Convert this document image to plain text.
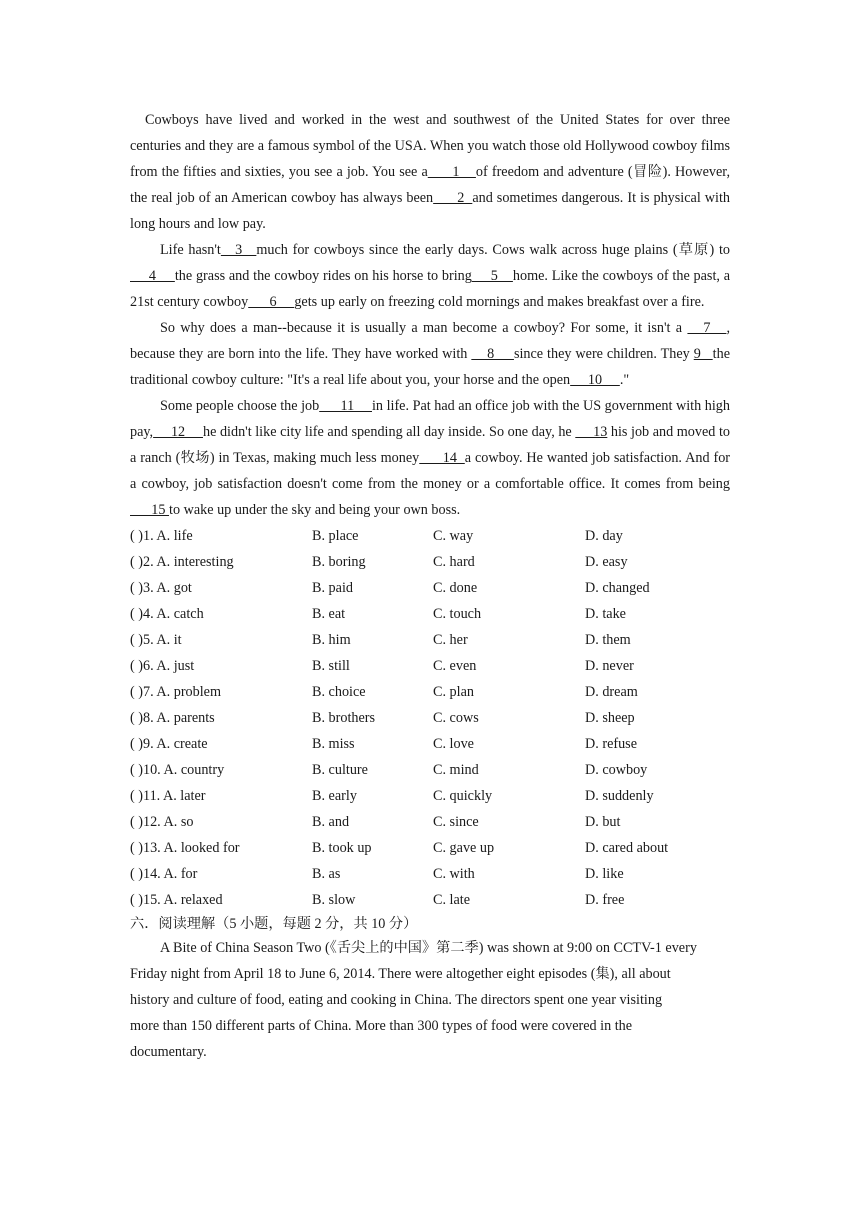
Cowboys have lived and worked in the west and southwest of the United States for over three centuries and they are a famous symbol of the USA. When you watch those old Hollywood cowboy films from the fifties and sixties, you see a job. You see a      1    of freedom and adventure (冒险). However, the real job of an American cowboy has always been      2  and sometimes dangerous. It is physical with long hours and low pay.

Life hasn't   3   much for cowboys since the early days. Cows walk across huge plains (草原) to      4     the grass and the cowboy rides on his horse to bring     5    home. Like the cowboys of the past, a 21st century cowboy      6     gets up early on freezing cold mornings and makes breakfast over a fire.

So why does a man--because it is usually a man become a cowboy? For some, it isn't a    7   , because they are born into the life. They have worked with     8     since they were children. They 9   the traditional cowboy culture: "It's a real life about you, your horse and the open     10     ."

Some people choose the job      11     in life. Pat had an office job with the US government with high pay,     12     he didn't like city life and spending all day inside. So one day, he      13 his job and moved to a ranch (牧场) in Texas, making much less money      14  a cowboy. He wanted job satisfaction. And for a cowboy, job satisfaction doesn't come from the money or a comfortable office. It comes from being      15 to wake up under the sky and being your own boss.

( )1. A. life	B. place	C. way	D. day
( )2. A. interesting	B. boring	C. hard	D. easy
( )3. A. got	B. paid	C. done	D. changed
( )4. A. catch	B. eat	C. touch	D. take
( )5. A. it	B. him	C. her	D. them
( )6. A. just	B. still	C. even	D. never
( )7. A. problem	B. choice	C. plan	D. dream
( )8. A. parents	B. brothers	C. cows	D. sheep
( )9. A. create	B. miss	C. love	D. refuse
( )10. A. country	B. culture	C. mind	D. cowboy
( )11. A. later	B. early	C. quickly	D. suddenly
( )12. A. so	B. and	C. since	D. but
( )13. A. looked for	B. took up	C. gave up	D. cared about
( )14. A. for	B. as	C. with	D. like
( )15. A. relaxed	B. slow	C. late	D. free

六．阅读理解（5 小题，每题 2 分，共 10 分）

A Bite of China Season Two (《舌尖上的中国》第二季) was shown at 9:00 on CCTV-1 every

Friday night from April 18 to June 6, 2014. There were altogether eight episodes (集), all about

history and culture of food, eating and cooking in China. The directors spent one year visiting

more than 150 different parts of China. More than 300 types of food were covered in the

documentary.
